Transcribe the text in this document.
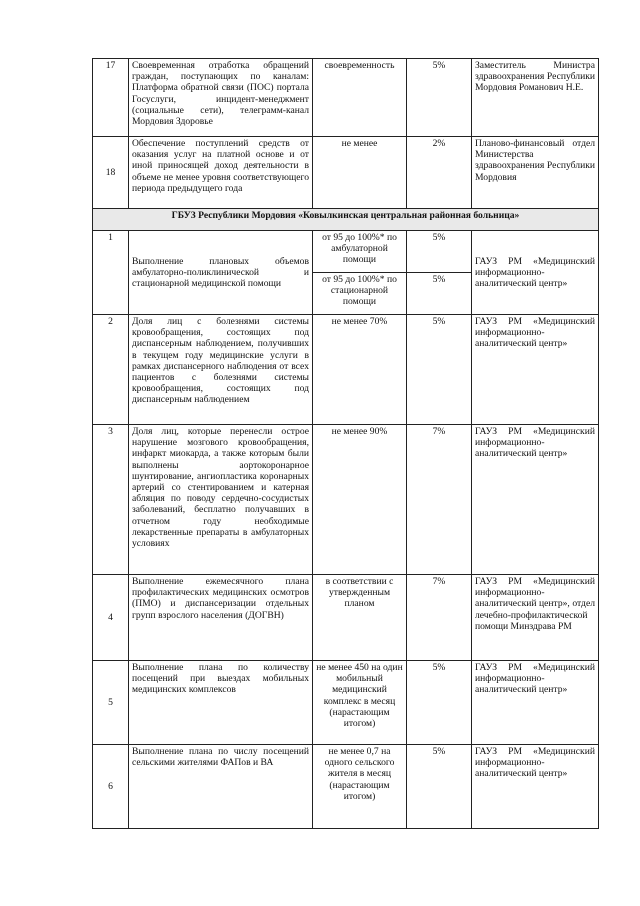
17	Своевременная отработка обращений граждан, поступающих по каналам: Платформа обратной связи (ПОС) портала Госуслуги, инцидент-менеджмент (социальные сети), телеграмм-канал Мордовия Здоровье	своевременность	5%	Заместитель Министра здравоохранения Республики Мордовия Романович Н.Е.
18	Обеспечение поступлений средств от оказания услуг на платной основе и от иной приносящей доход деятельности в объеме не менее уровня соответствующего периода предыдущего года	не менее	2%	Планово-финансовый отдел Министерства здравоохранения Республики Мордовия
ГБУЗ Республики Мордовия «Ковылкинская центральная районная больница»				
1	Выполнение плановых объемов амбулаторно-поликлинической и стационарной медицинской помощи	от 95 до 100%* по амбулаторной помощи	5%	ГАУЗ РМ «Медицинский информационно-аналитический центр»
		от 95 до 100%* по стационарной помощи	5%	
2	Доля лиц с болезнями системы кровообращения, состоящих под диспансерным наблюдением, получивших в текущем году медицинские услуги в рамках диспансерного наблюдения от всех пациентов с болезнями системы кровообращения, состоящих под диспансерным наблюдением	не менее 70%	5%	ГАУЗ РМ «Медицинский информационно-аналитический центр»
3	Доля лиц, которые перенесли острое нарушение мозгового кровообращения, инфаркт миокарда, а также которым были выполнены аортокоронарное шунтирование, ангиопластика коронарных артерий со стентированием и катерная абляция по поводу сердечно-сосудистых заболеваний, бесплатно получавших в отчетном году необходимые лекарственные препараты в амбулаторных условиях	не менее 90%	7%	ГАУЗ РМ «Медицинский информационно-аналитический центр»
4	Выполнение ежемесячного плана профилактических медицинских осмотров (ПМО) и диспансеризации отдельных групп взрослого населения (ДОГВН)	в соответствии с утвержденным планом	7%	ГАУЗ РМ «Медицинский информационно-аналитический центр», отдел лечебно-профилактической помощи Минздрава РМ
5	Выполнение плана по количеству посещений при выездах мобильных медицинских комплексов	не менее 450 на один мобильный медицинский комплекс в месяц (нарастающим итогом)	5%	ГАУЗ РМ «Медицинский информационно-аналитический центр»
6	Выполнение плана по числу посещений сельскими жителями ФАПов и ВА	не менее 0,7 на одного сельского жителя в месяц (нарастающим итогом)	5%	ГАУЗ РМ «Медицинский информационно-аналитический центр»
